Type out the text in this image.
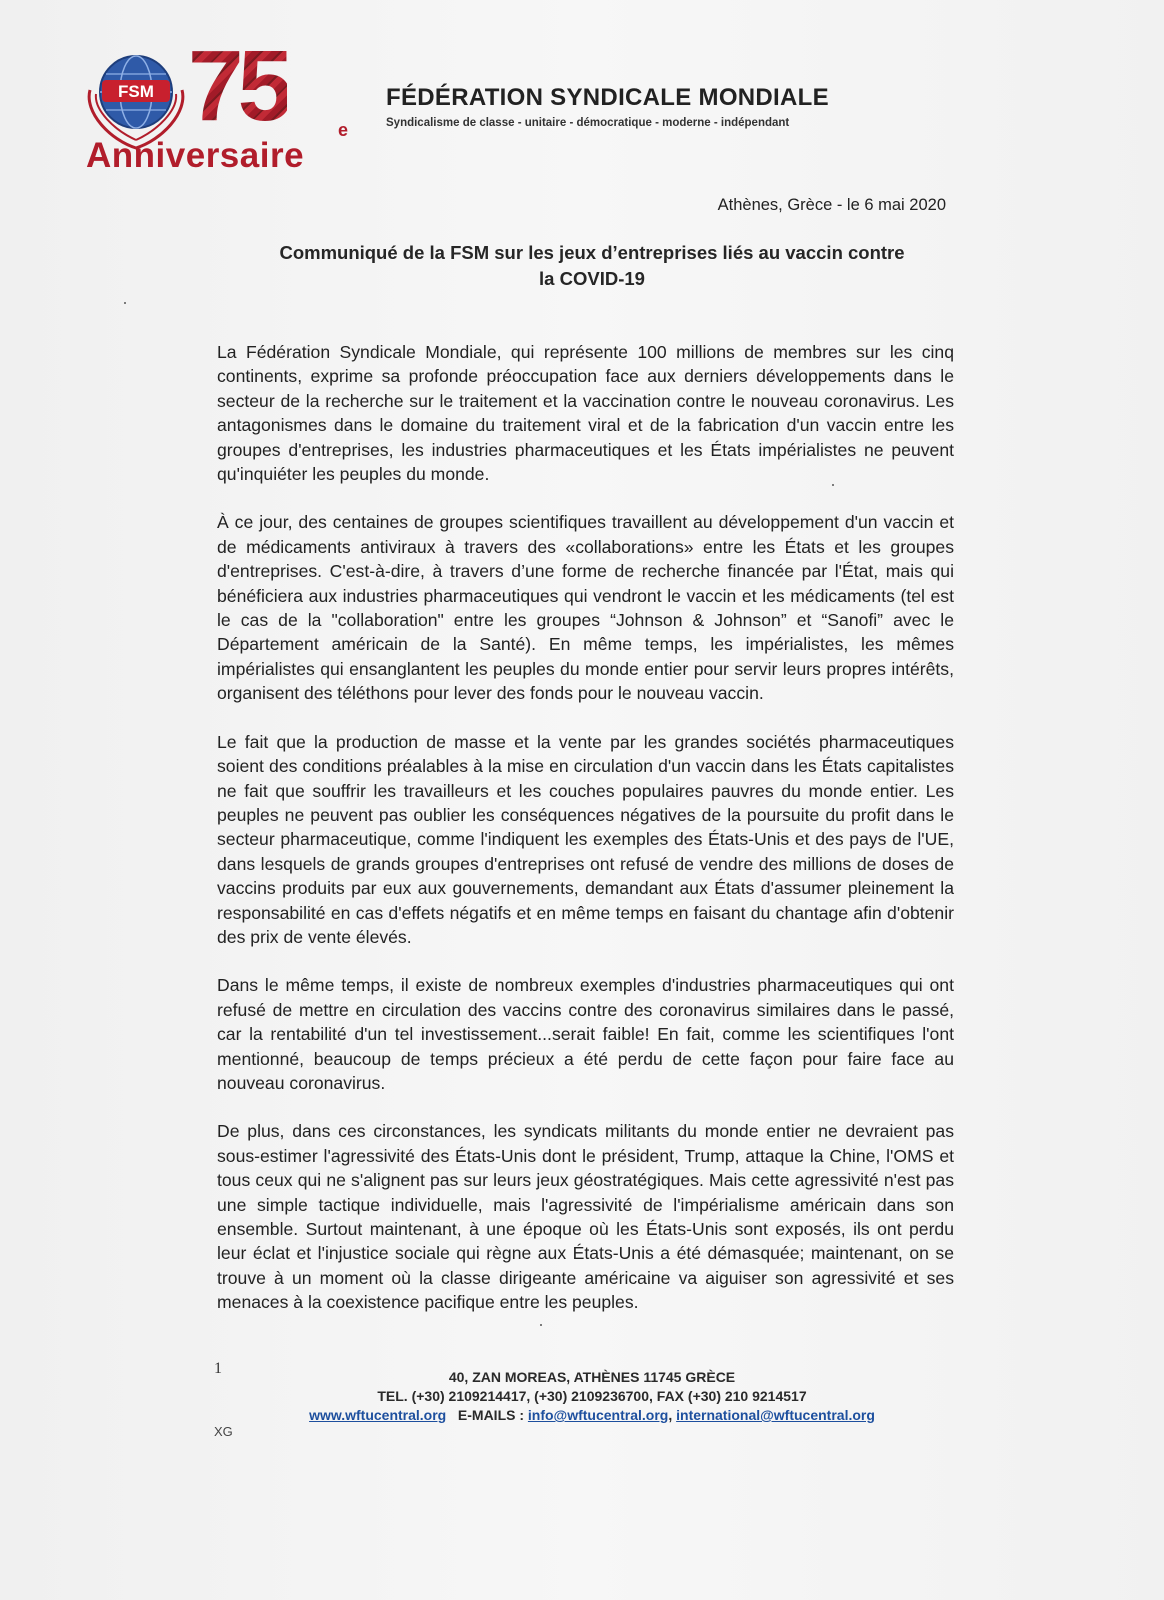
FSM 75	e
Anniversaire
FÉDÉRATION SYNDICALE MONDIALE
Syndicalisme de classe - unitaire - démocratique - moderne - indépendant
Athènes, Grèce - le 6 mai 2020
Communiqué de la FSM sur les jeux d’entreprises liés au vaccin contre
la COVID-19

La Fédération Syndicale Mondiale, qui représente 100 millions de membres sur les cinq continents, exprime sa profonde préoccupation face aux derniers développements dans le secteur de la recherche sur le traitement et la vaccination contre le nouveau coronavirus. Les antagonismes dans le domaine du traitement viral et de la fabrication d'un vaccin entre les groupes d'entreprises, les industries pharmaceutiques et les États impérialistes ne peuvent qu'inquiéter les peuples du monde.

À ce jour, des centaines de groupes scientifiques travaillent au développement d'un vaccin et de médicaments antiviraux à travers des «collaborations» entre les États et les groupes d'entreprises. C'est-à-dire, à travers d’une forme de recherche financée par l'État, mais qui bénéficiera aux industries pharmaceutiques qui vendront le vaccin et les médicaments (tel est le cas de la "collaboration" entre les groupes “Johnson & Johnson” et “Sanofi” avec le Département américain de la Santé). En même temps, les impérialistes, les mêmes impérialistes qui ensanglantent les peuples du monde entier pour servir leurs propres intérêts, organisent des téléthons pour lever des fonds pour le nouveau vaccin.

Le fait que la production de masse et la vente par les grandes sociétés pharmaceutiques soient des conditions préalables à la mise en circulation d'un vaccin dans les États capitalistes ne fait que souffrir les travailleurs et les couches populaires pauvres du monde entier. Les peuples ne peuvent pas oublier les conséquences négatives de la poursuite du profit dans le secteur pharmaceutique, comme l'indiquent les exemples des États-Unis et des pays de l'UE, dans lesquels de grands groupes d'entreprises ont refusé de vendre des millions de doses de vaccins produits par eux aux gouvernements, demandant aux États d'assumer pleinement la responsabilité en cas d'effets négatifs et en même temps en faisant du chantage afin d'obtenir des prix de vente élevés.

Dans le même temps, il existe de nombreux exemples d'industries pharmaceutiques qui ont refusé de mettre en circulation des vaccins contre des coronavirus similaires dans le passé, car la rentabilité d'un tel investissement...serait faible! En fait, comme les scientifiques l'ont mentionné, beaucoup de temps précieux a été perdu de cette façon pour faire face au nouveau coronavirus.

De plus, dans ces circonstances, les syndicats militants du monde entier ne devraient pas sous-estimer l'agressivité des États-Unis dont le président, Trump, attaque la Chine, l'OMS et tous ceux qui ne s'alignent pas sur leurs jeux géostratégiques. Mais cette agressivité n'est pas une simple tactique individuelle, mais l'agressivité de l'impérialisme américain dans son ensemble. Surtout maintenant, à une époque où les États-Unis sont exposés, ils ont perdu leur éclat et l'injustice sociale qui règne aux États-Unis a été démasquée; maintenant, on se trouve à un moment où la classe dirigeante américaine va aiguiser son agressivité et ses menaces à la coexistence pacifique entre les peuples.

1	40, ZAN MOREAS, ATHÈNES 11745 GRÈCE
TEL. (+30) 2109214417, (+30) 2109236700, FAX (+30) 210 9214517
www.wftucentral.org E-MAILS : info@wftucentral.org, international@wftucentral.org
XG
